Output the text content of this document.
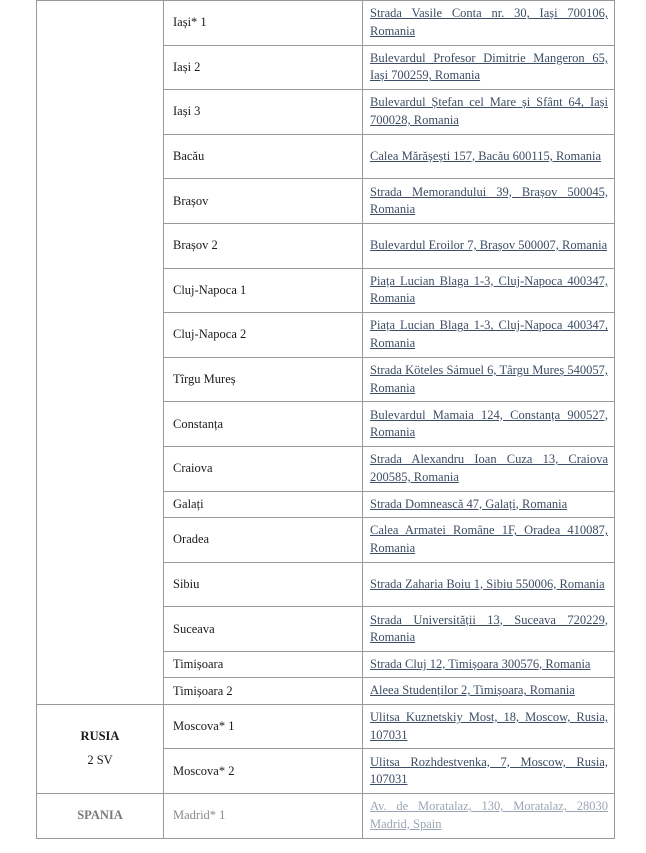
	Iași* 1	Strada Vasile Conta nr. 30, Iași 700106, Romania
	Iași 2	Bulevardul Profesor Dimitrie Mangeron 65, Iași 700259, Romania
	Iași 3	Bulevardul Ștefan cel Mare și Sfânt 64, Iași 700028, Romania
	Bacău	Calea Mărășești 157, Bacău 600115, Romania
	Brașov	Strada Memorandului 39, Brașov 500045, Romania
	Brașov 2	Bulevardul Eroilor 7, Brașov 500007, Romania
	Cluj-Napoca 1	Piața Lucian Blaga 1-3, Cluj-Napoca 400347, Romania
	Cluj-Napoca 2	Piața Lucian Blaga 1-3, Cluj-Napoca 400347, Romania
	Tîrgu Mureș	Strada Köteles Sámuel 6, Târgu Mureș 540057, Romania
	Constanța	Bulevardul Mamaia 124, Constanța 900527, Romania
	Craiova	Strada Alexandru Ioan Cuza 13, Craiova 200585, Romania
	Galați	Strada Domnească 47, Galați, Romania
	Oradea	Calea Armatei Române 1F, Oradea 410087, Romania
	Sibiu	Strada Zaharia Boiu 1, Sibiu 550006, Romania
	Suceava	Strada Universității 13, Suceava 720229, Romania
	Timișoara	Strada Cluj 12, Timișoara 300576, Romania
	Timișoara 2	Aleea Studenților 2, Timișoara, Romania

RUSIA
2 SV	Moscova* 1	Ulitsa Kuznetskiy Most, 18, Moscow, Rusia, 107031
	Moscova* 2	Ulitsa Rozhdestvenka, 7, Moscow, Rusia, 107031

SPANIA	Madrid* 1	Av. de Moratalaz, 130, Moratalaz, 28030 Madrid, Spain
